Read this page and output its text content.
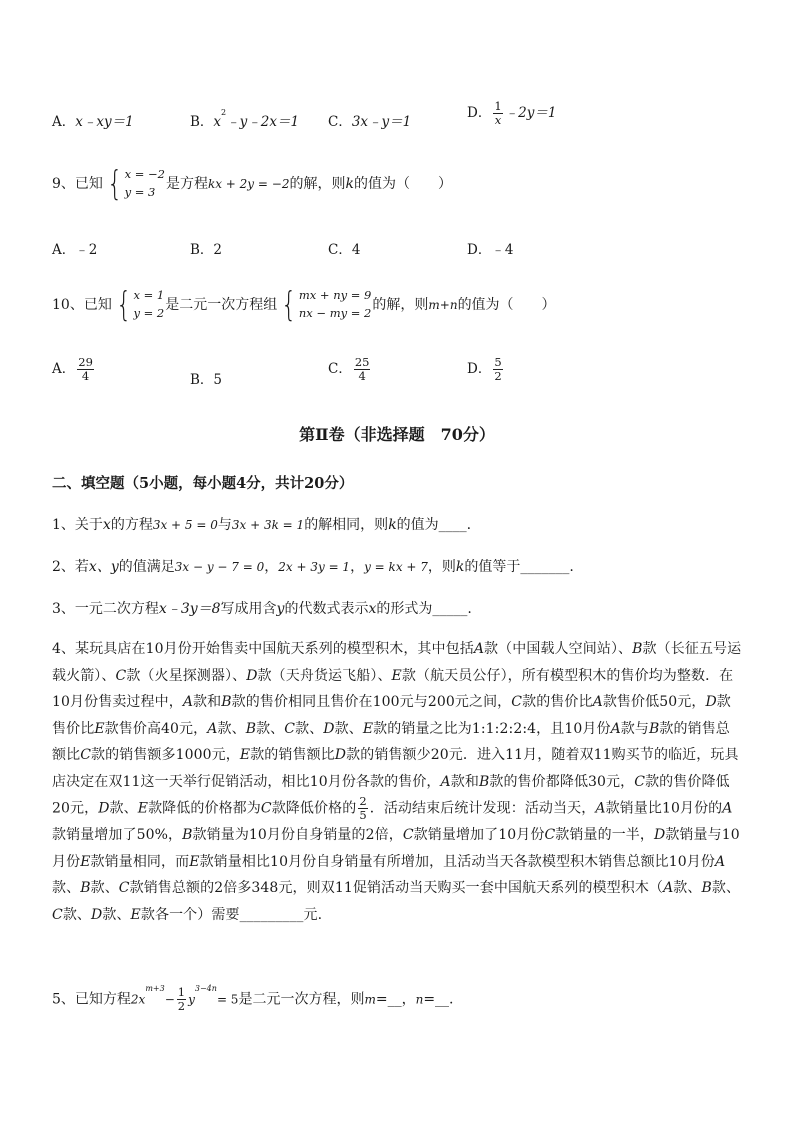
A．x﹣xy＝1	B．$x^2﹣y﹣2x=1$ C．3x﹣y＝1
D． $\frac{1}{x}$ ﹣2y＝1
9、已知 { x = −2
y = 3 是方程kx + 2y = −2的解，则k的值为（　　）
A．﹣2	B．2	C．4	D．﹣4
10、已知 { x = 1
y = 2 是二元一次方程组 { mx + ny = 9
nx − my = 2 的解，则m+n的值为（　　）
A． $\frac{29}{4}$	B．5
C． $\frac{25}{4}$	D． $\frac{5}{2}$
第Ⅱ卷（非选择题　70分）
二、填空题（5小题，每小题4分，共计20分）
1、关于x的方程3x + 5 = 0与3x + 3k = 1的解相同，则k的值为____.
2、若x、y的值满足3x − y − 7 = 0，2x + 3y = 1，y = kx + 7，则k的值等于_______.
3、一元二次方程x﹣3y＝8写成用含y的代数式表示x的形式为_____.
4、某玩具店在10月份开始售卖中国航天系列的模型积木，其中包括A款（中国载人空间站）、B款（长征五号运载火箭）、C款（火星探测器）、D款（天舟货运飞船）、E款（航天员公仔），所有模型积木的售价均为整数．在10月份售卖过程中，A款和B款的售价相同且售价在100元与200元之间，C款的售价比A款售价低50元，D款售价比E款售价高40元，A款、B款、C款、D款、E款的销量之比为1:1:2:2:4，且10月份A款与B款的销售总额比C款的销售额多1000元，E款的销售额比D款的销售额少20元．进入11月，随着双11购买节的临近，玩具店决定在双11这一天举行促销活动，相比10月份各款的售价，A款和B款的售价都降低30元，C款的售价降低20元，D款、E款降低的价格都为C款降低价格的 $\frac{2}{5}$ ．活动结束后统计发现：活动当天，A款销量比10月份的A款销量增加了50%，B款销量为10月份自身销量的2倍，C款销量增加了10月份C款销量的一半，D款销量与10月份E款销量相同，而E款销量相比10月份自身销量有所增加，且活动当天各款模型积木销售总额比10月份A款、B款、C款销售总额的2倍多348元，则双11促销活动当天购买一套中国航天系列的模型积木（A款、B款、C款、D款、E款各一个）需要_________元.
5、已知方程$2x^{m+3}- \frac{1}{2} y^{3-4n}= 5$是二元一次方程，则m=__，n=__.
